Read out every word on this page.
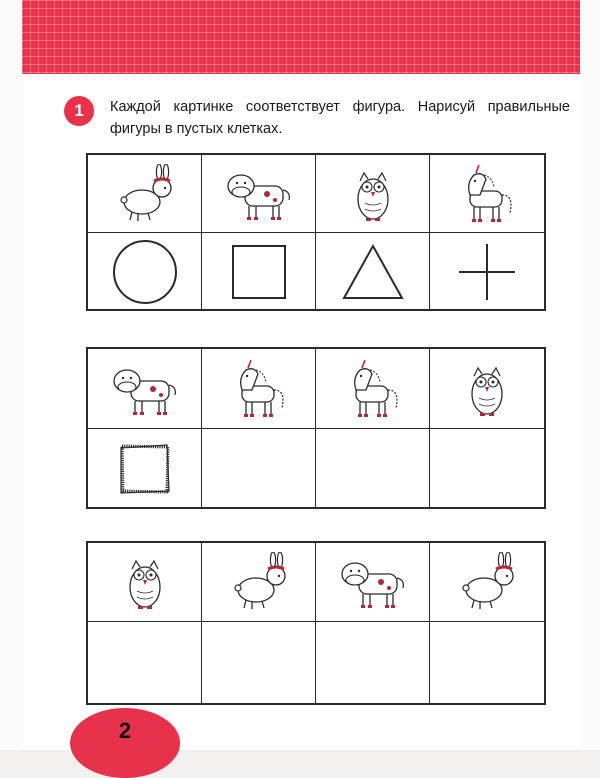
1	Каждой картинке соответствует фигура. Нарисуй правильные фигуры в пустых клетках.
2
